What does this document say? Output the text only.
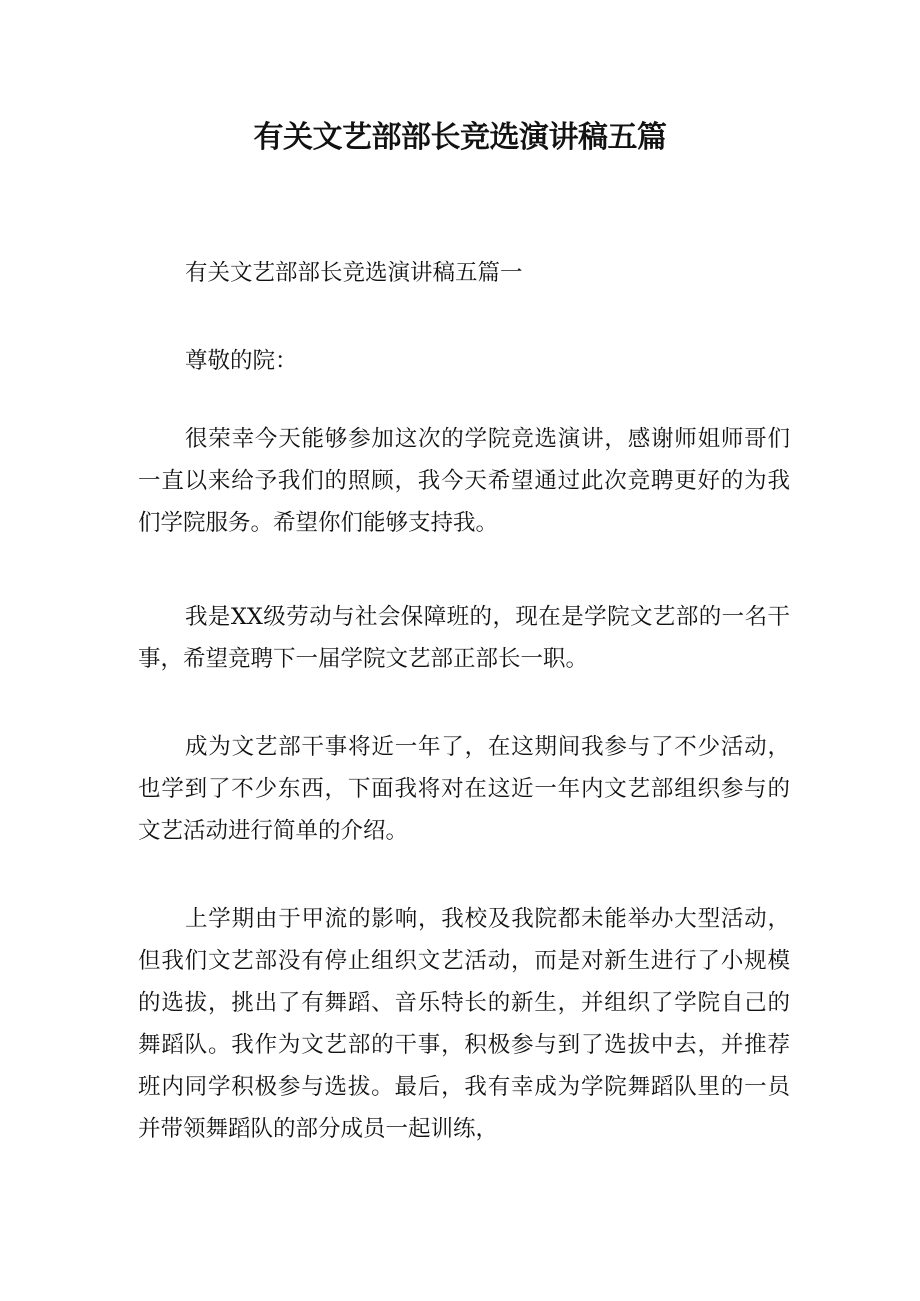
有关文艺部部长竞选演讲稿五篇

有关文艺部部长竞选演讲稿五篇一

尊敬的院：

很荣幸今天能够参加这次的学院竞选演讲，感谢师姐师哥们一直以来给予我们的照顾，我今天希望通过此次竞聘更好的为我们学院服务。希望你们能够支持我。

我是XX级劳动与社会保障班的，现在是学院文艺部的一名干事，希望竞聘下一届学院文艺部正部长一职。

成为文艺部干事将近一年了，在这期间我参与了不少活动，也学到了不少东西，下面我将对在这近一年内文艺部组织参与的文艺活动进行简单的介绍。

上学期由于甲流的影响，我校及我院都未能举办大型活动，但我们文艺部没有停止组织文艺活动，而是对新生进行了小规模的选拔，挑出了有舞蹈、音乐特长的新生，并组织了学院自己的舞蹈队。我作为文艺部的干事，积极参与到了选拔中去，并推荐班内同学积极参与选拔。最后，我有幸成为学院舞蹈队里的一员并带领舞蹈队的部分成员一起训练，
